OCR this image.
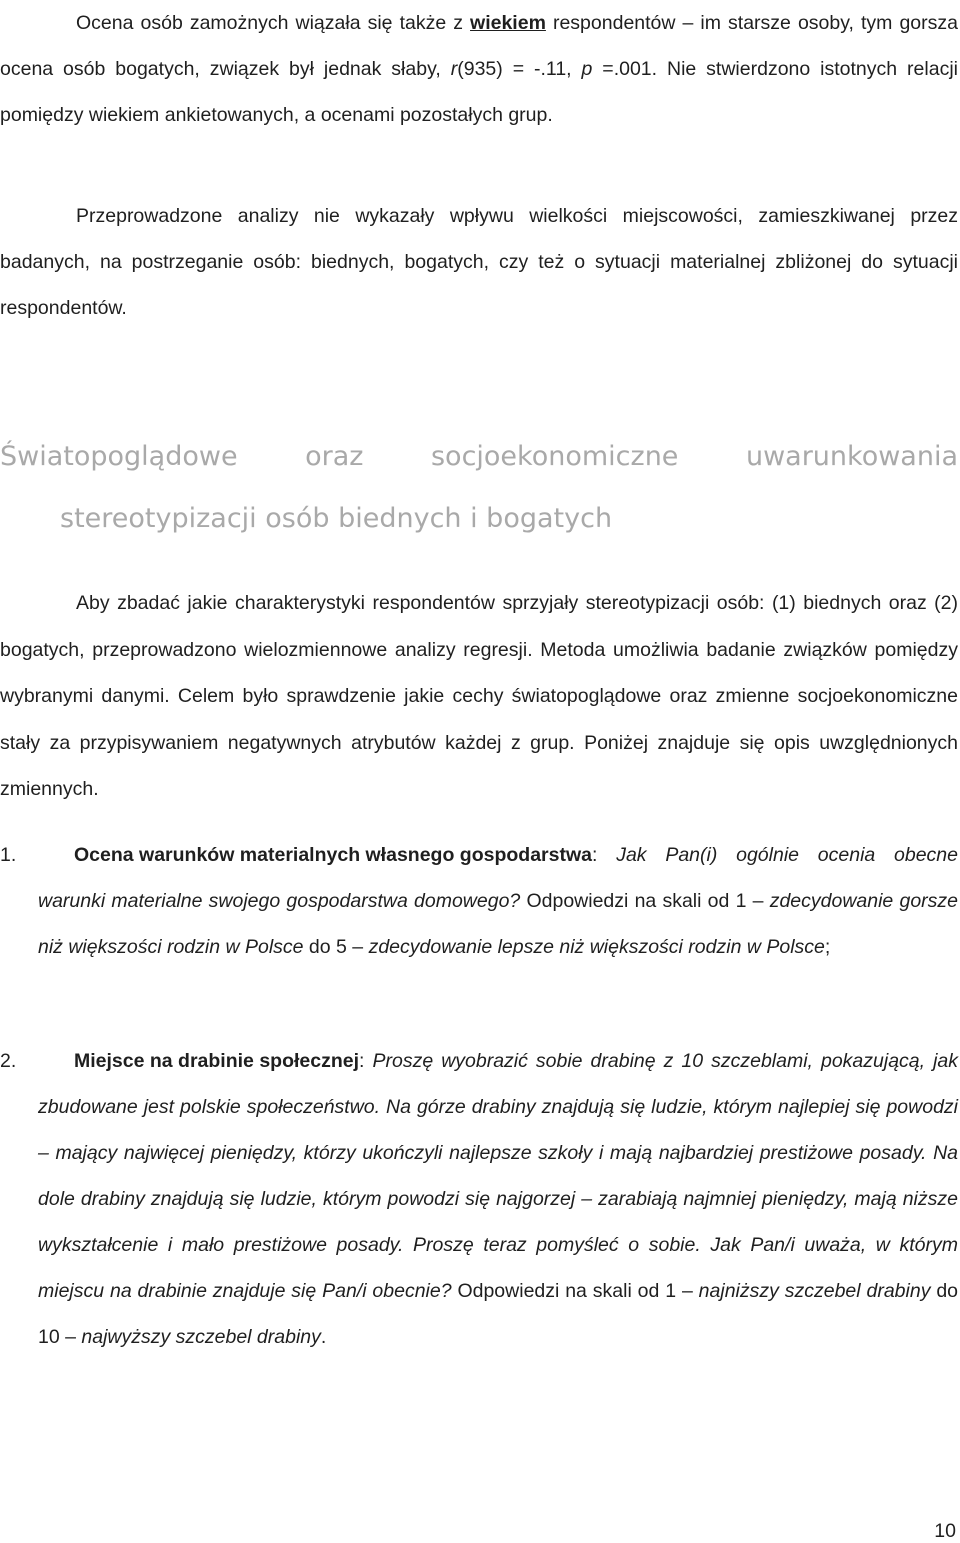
Ocena osób zamożnych wiązała się także z wiekiem respondentów – im starsze osoby, tym gorsza ocena osób bogatych, związek był jednak słaby, r(935) = -.11, p =.001. Nie stwierdzono istotnych relacji pomiędzy wiekiem ankietowanych, a ocenami pozostałych grup.

Przeprowadzone analizy nie wykazały wpływu wielkości miejscowości, zamieszkiwanej przez badanych, na postrzeganie osób: biednych, bogatych, czy też o sytuacji materialnej zbliżonej do sytuacji respondentów.

Światopoglądowe	oraz	socjoekonomiczne	uwarunkowania
stereotypizacji osób biednych i bogatych

Aby zbadać jakie charakterystyki respondentów sprzyjały stereotypizacji osób: (1) biednych oraz (2) bogatych, przeprowadzono wielozmiennowe analizy regresji. Metoda umożliwia badanie związków pomiędzy wybranymi danymi. Celem było sprawdzenie jakie cechy światopoglądowe oraz zmienne socjoekonomiczne stały za przypisywaniem negatywnych atrybutów każdej z grup. Poniżej znajduje się opis uwzględnionych zmiennych.

1.	Ocena warunków materialnych własnego gospodarstwa: Jak Pan(i) ogólnie ocenia obecne warunki materialne swojego gospodarstwa domowego? Odpowiedzi na skali od 1 – zdecydowanie gorsze niż większości rodzin w Polsce do 5 – zdecydowanie lepsze niż większości rodzin w Polsce;
2.	Miejsce na drabinie społecznej: Proszę wyobrazić sobie drabinę z 10 szczeblami, pokazującą, jak zbudowane jest polskie społeczeństwo. Na górze drabiny znajdują się ludzie, którym najlepiej się powodzi – mający najwięcej pieniędzy, którzy ukończyli najlepsze szkoły i mają najbardziej prestiżowe posady. Na dole drabiny znajdują się ludzie, którym powodzi się najgorzej – zarabiają najmniej pieniędzy, mają niższe wykształcenie i mało prestiżowe posady. Proszę teraz pomyśleć o sobie. Jak Pan/i uważa, w którym miejscu na drabinie znajduje się Pan/i obecnie? Odpowiedzi na skali od 1 – najniższy szczebel drabiny do 10 – najwyższy szczebel drabiny.
10
